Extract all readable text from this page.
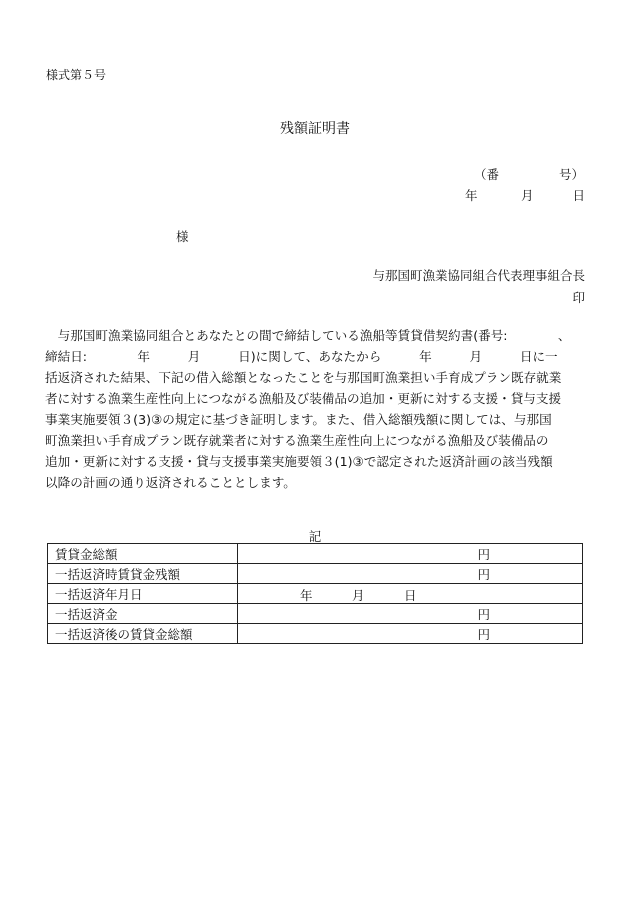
様式第５号
残額証明書
（番	号）

年	月	日
様
与那国町漁業協同組合代表理事組合長
印
　与那国町漁業協同組合とあなたとの間で締結している漁船等賃貸借契約書(番号:　　　　、
締結日:　　　　年　　　月　　　日)に関して、あなたから　　　年　　　月　　　日に一
括返済された結果、下記の借入総額となったことを与那国町漁業担い手育成プラン既存就業
者に対する漁業生産性向上につながる漁船及び装備品の追加・更新に対する支援・貸与支援
事業実施要領３(3)③の規定に基づき証明します。また、借入総額残額に関しては、与那国
町漁業担い手育成プラン既存就業者に対する漁業生産性向上につながる漁船及び装備品の
追加・更新に対する支援・貸与支援事業実施要領３(1)③で認定された返済計画の該当残額
以降の計画の通り返済されることとします。
記
賃貸金総額	円
一括返済時賃貸金残額	円
一括返済年月日	年 月 日

一括返済金	円
一括返済後の賃貸金総額	円
